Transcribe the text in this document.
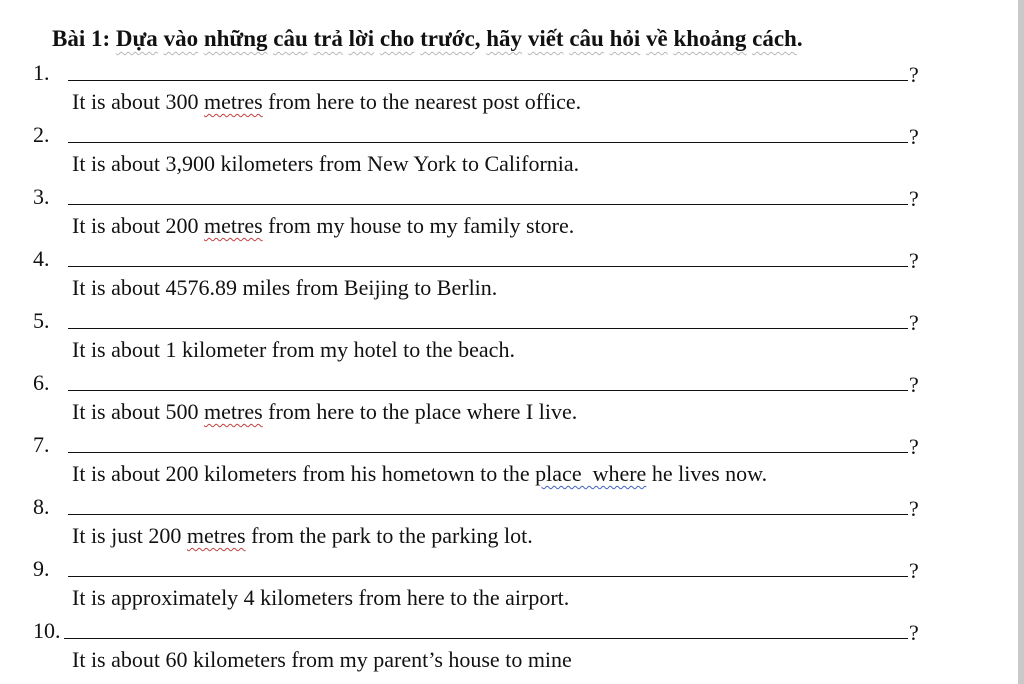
Bài 1: Dựa vào những câu trả lời cho trước, hãy viết câu hỏi về khoảng cách.
1.	?
It is about 300 metres from here to the nearest post office.
2.	?
It is about 3,900 kilometers from New York to California.
3.	?
It is about 200 metres from my house to my family store.
4.	?
It is about 4576.89 miles from Beijing to Berlin.
5.	?
It is about 1 kilometer from my hotel to the beach.
6.	?
It is about 500 metres from here to the place where I live.
7.	?
It is about 200 kilometers from his hometown to the place  where he lives now.
8.	?
It is just 200 metres from the park to the parking lot.
9.	?
It is approximately 4 kilometers from here to the airport.
10.	?
It is about 60 kilometers from my parent’s house to mine
